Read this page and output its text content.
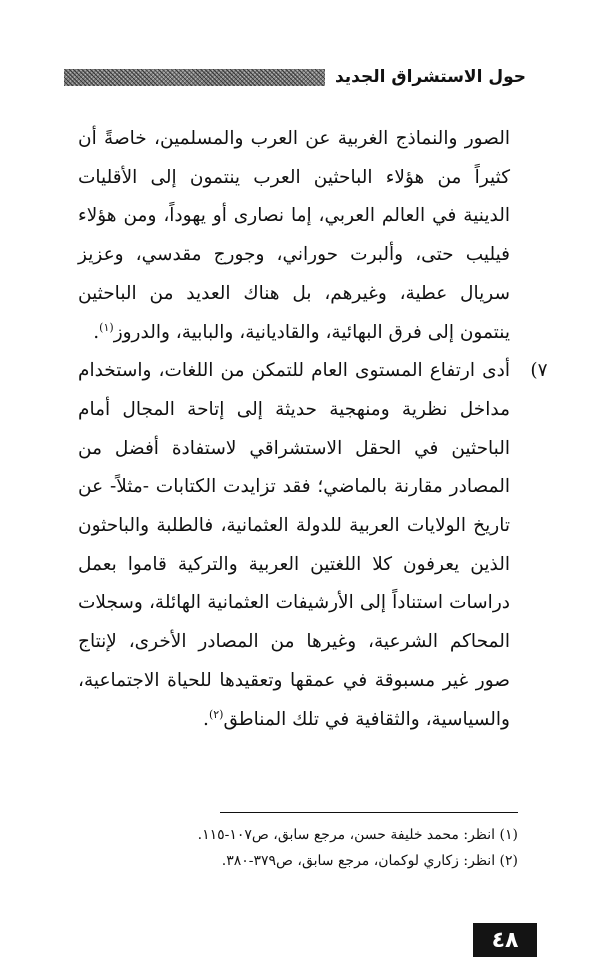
حول الاستشراق الجديد

الصور والنماذج الغربية عن العرب والمسلمين، خاصةً أن كثيراً من هؤلاء الباحثين العرب ينتمون إلى الأقليات الدينية في العالم العربي، إما نصارى أو يهوداً، ومن هؤلاء فيليب حتى، وألبرت حوراني، وجورج مقدسي، وعزيز سريال عطية، وغيرهم، بل هناك العديد من الباحثين ينتمون إلى فرق البهائية، والقاديانية، والبابية، والدروز$^{(١)}$.

٧)
أدى ارتفاع المستوى العام للتمكن من اللغات، واستخدام مداخل نظرية ومنهجية حديثة إلى إتاحة المجال أمام الباحثين في الحقل الاستشراقي لاستفادة أفضل من المصادر مقارنة بالماضي؛ فقد تزايدت الكتابات -مثلاً- عن تاريخ الولايات العربية للدولة العثمانية، فالطلبة والباحثون الذين يعرفون كلا اللغتين العربية والتركية قاموا بعمل دراسات استناداً إلى الأرشيفات العثمانية الهائلة، وسجلات المحاكم الشرعية، وغيرها من المصادر الأخرى، لإنتاج صور غير مسبوقة في عمقها وتعقيدها للحياة الاجتماعية، والسياسية، والثقافية في تلك المناطق$^{(٢)}$.

(١) انظر: محمد خليفة حسن، مرجع سابق، ص١٠٧-١١٥.

(٢) انظر: زكاري لوكمان، مرجع سابق، ص٣٧٩-٣٨٠.

٤٨
